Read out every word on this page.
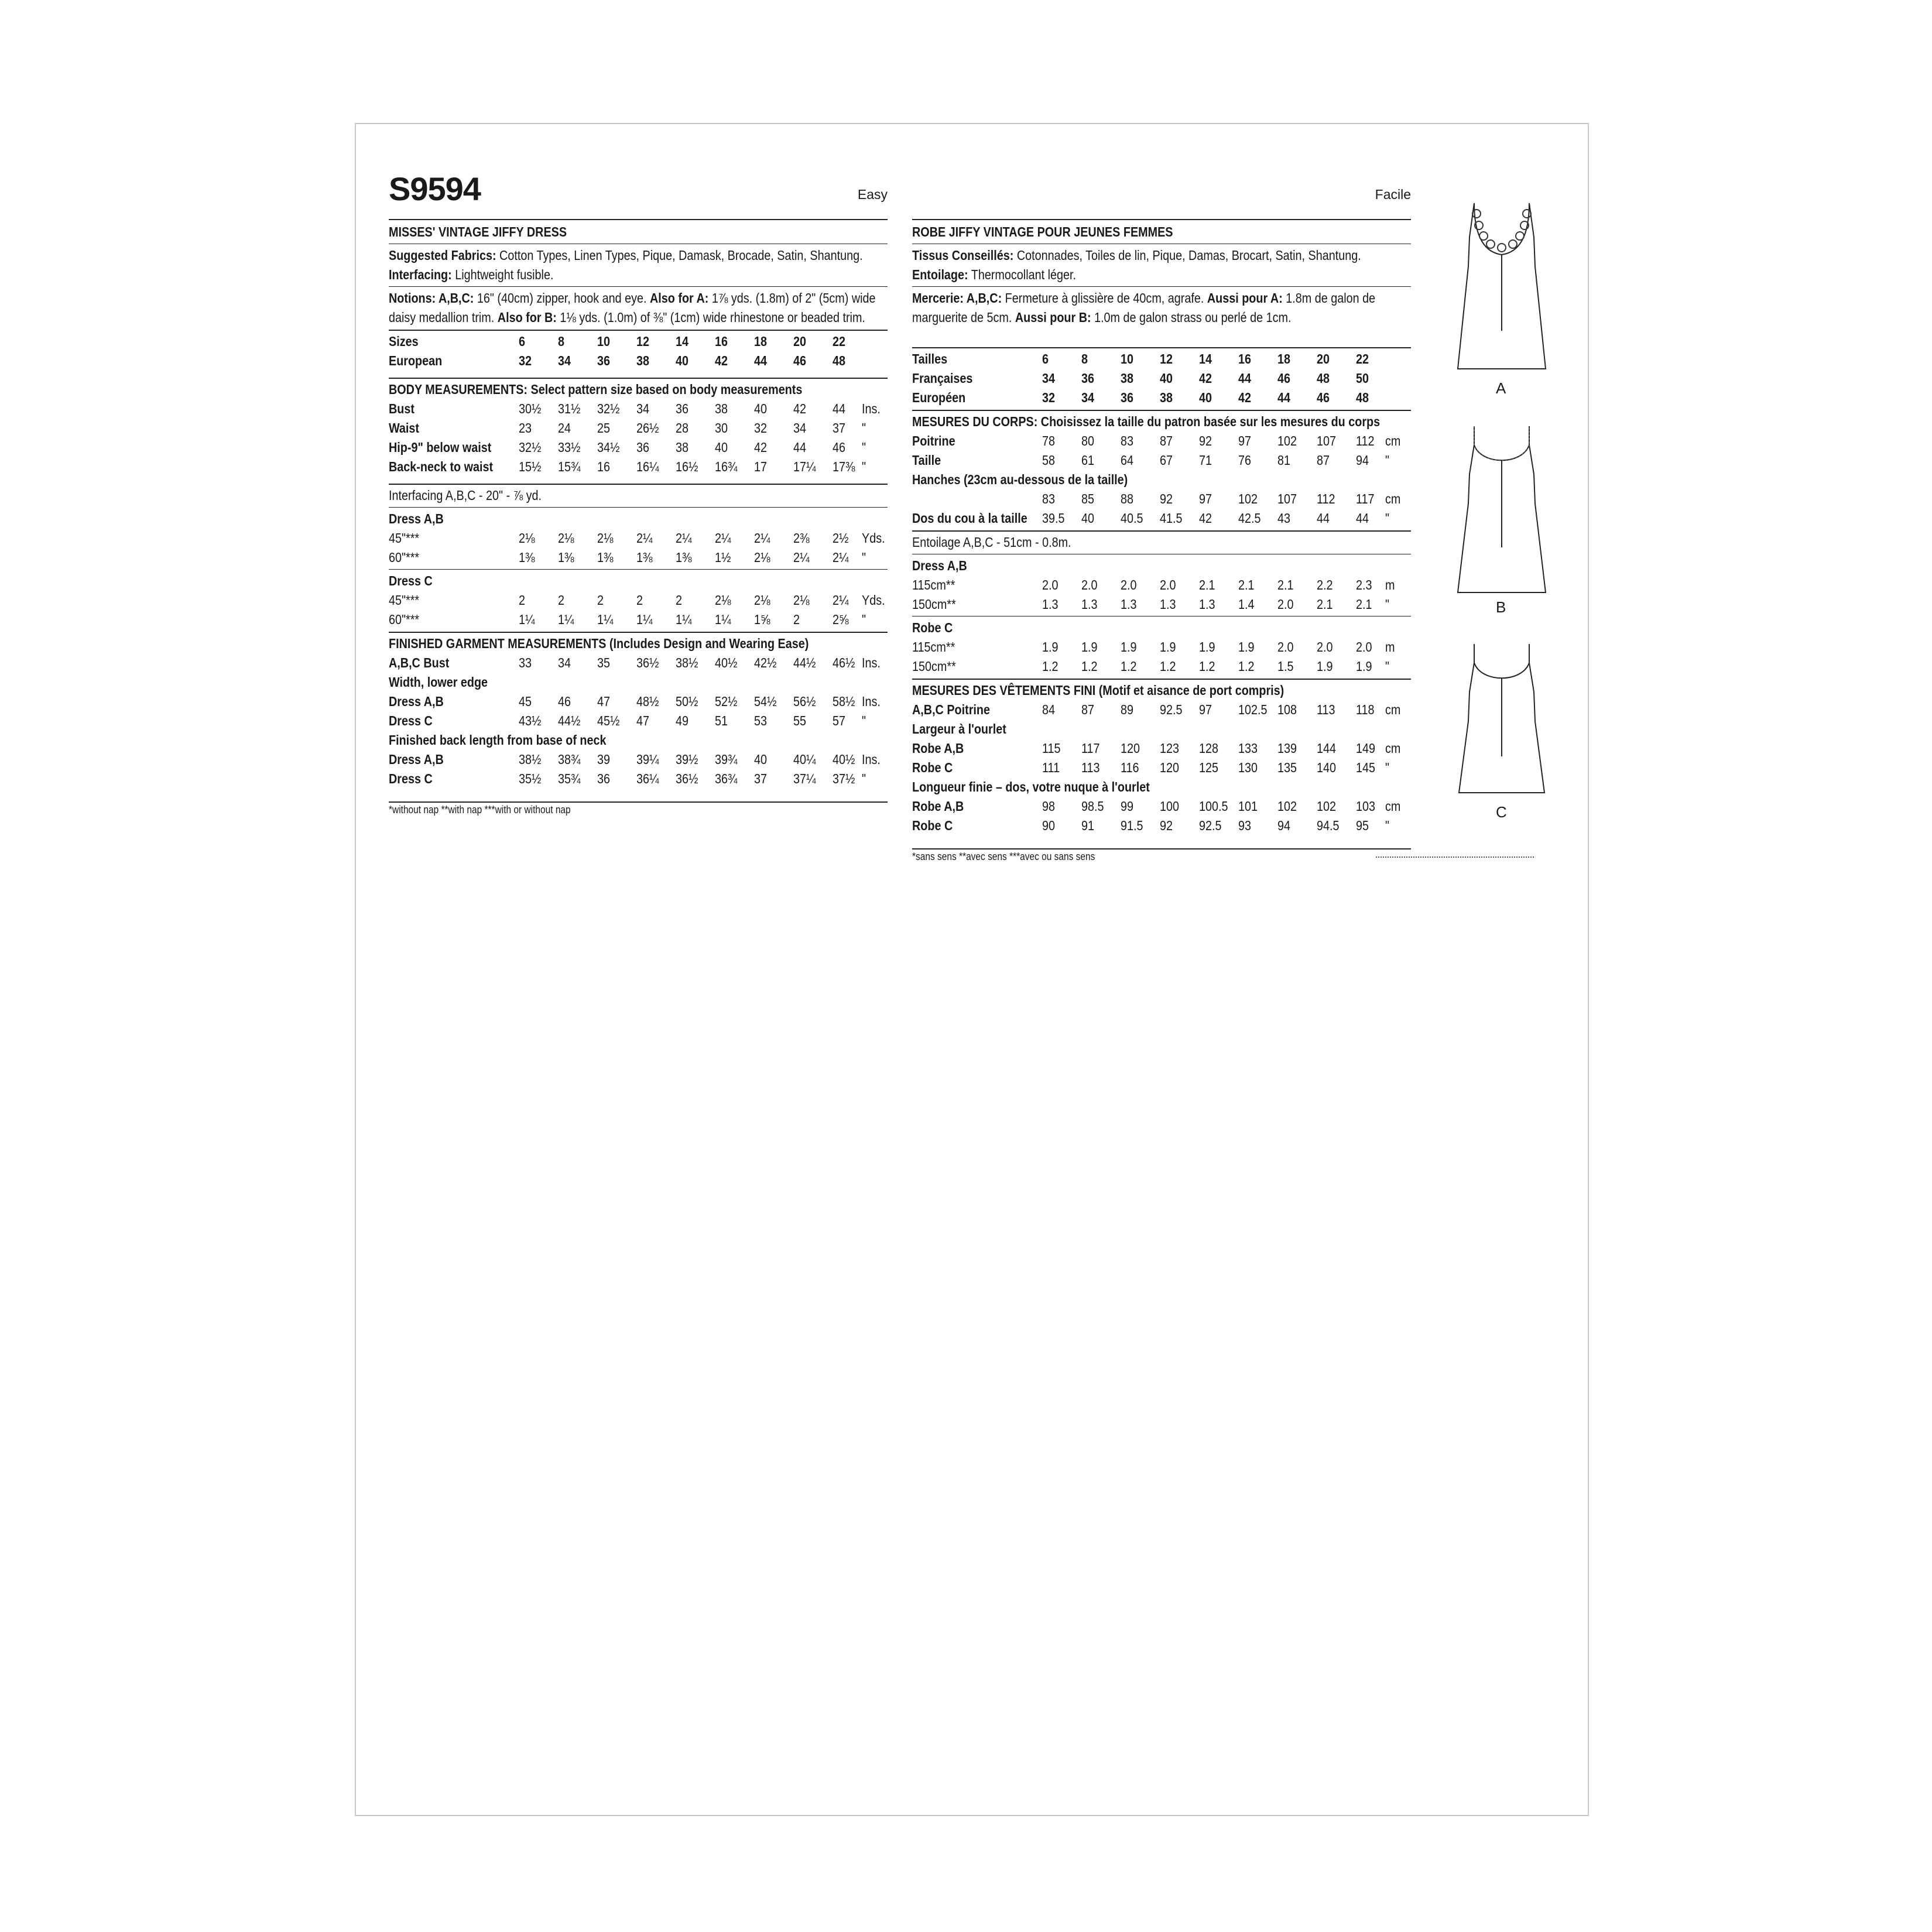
S9594	Easy
MISSES' VINTAGE JIFFY DRESS
Suggested Fabrics: Cotton Types, Linen Types, Pique, Damask, Brocade, Satin, Shantung. Interfacing: Lightweight fusible.
Notions: A,B,C: 16" (40cm) zipper, hook and eye. Also for A: 1⅞ yds. (1.8m) of 2" (5cm) wide daisy medallion trim. Also for B: 1⅛ yds. (1.0m) of ⅜" (1cm) wide rhinestone or beaded trim.
Sizes	6 8 10 12 14 16 18 20 22
European	32 34 36 38 40 42 44 46 48
BODY MEASUREMENTS: Select pattern size based on body measurements
Bust	30½ 31½ 32½ 34 36 38 40 42 44 Ins.
Waist	23 24 25 26½ 28 30 32 34 37 "
Hip-9" below waist 32½ 33½ 34½ 36 38 40 42 44 46 "
Back-neck to waist 15½ 15¾ 16 16¼ 16½ 16¾ 17 17¼ 17⅜ "
Interfacing A,B,C - 20" - ⅞ yd.
Dress A,B
45"***	2⅛ 2⅛ 2⅛ 2¼ 2¼ 2¼ 2¼ 2⅜ 2½ Yds.
60"***	1⅜ 1⅜ 1⅜ 1⅜ 1⅜ 1½ 2⅛ 2¼ 2¼ "
Dress C
45"***	2 2 2 2 2 2⅛ 2⅛ 2⅛ 2¼ Yds.
60"***	1¼ 1¼ 1¼ 1¼ 1¼ 1¼ 1⅝ 2 2⅝ "
FINISHED GARMENT MEASUREMENTS (Includes Design and Wearing Ease)
A,B,C Bust	33 34 35 36½ 38½ 40½ 42½ 44½ 46½ Ins.
Width, lower edge
Dress A,B	45 46 47 48½ 50½ 52½ 54½ 56½ 58½ Ins.
Dress C	43½ 44½ 45½ 47 49 51 53 55 57 "
Finished back length from base of neck
Dress A,B	38½ 38¾ 39 39¼ 39½ 39¾ 40 40¼ 40½ Ins.
Dress C	35½ 35¾ 36 36¼ 36½ 36¾ 37 37¼ 37½ "
*without nap **with nap ***with or without nap
Facile
ROBE JIFFY VINTAGE POUR JEUNES FEMMES
Tissus Conseillés: Cotonnades, Toiles de lin, Pique, Damas, Brocart, Satin, Shantung. Entoilage: Thermocollant léger.
Mercerie: A,B,C: Fermeture à glissière de 40cm, agrafe. Aussi pour A: 1.8m de galon de marguerite de 5cm. Aussi pour B: 1.0m de galon strass ou perlé de 1cm.
Tailles	6 8 10 12 14 16 18 20 22
Françaises	34 36 38 40 42 44 46 48 50
Européen	32 34 36 38 40 42 44 46 48
MESURES DU CORPS: Choisissez la taille du patron basée sur les mesures du corps
Poitrine	78 80 83 87 92 97 102 107 112 cm
Taille	58 61 64 67 71 76 81 87 94 "
Hanches (23cm au-dessous de la taille)
83 85 88 92 97 102 107 112 117 cm
Dos du cou à la taille 39.5 40 40.5 41.5 42 42.5 43 44 44 "
Entoilage A,B,C - 51cm - 0.8m.
Dress A,B
115cm**	2.0 2.0 2.0 2.0 2.1 2.1 2.1 2.2 2.3 m
150cm**	1.3 1.3 1.3 1.3 1.3 1.4 2.0 2.1 2.1 "
Robe C
115cm**	1.9 1.9 1.9 1.9 1.9 1.9 2.0 2.0 2.0 m
150cm**	1.2 1.2 1.2 1.2 1.2 1.2 1.5 1.9 1.9 "
MESURES DES VÊTEMENTS FINI (Motif et aisance de port compris)
A,B,C Poitrine	84 87 89 92.5 97 102.5 108 113 118 cm
Largeur à l'ourlet
Robe A,B	115 117 120 123 128 133 139 144 149 cm
Robe C	111 113 116 120 125 130 135 140 145 "
Longueur finie – dos, votre nuque à l'ourlet
Robe A,B	98 98.5 99 100 100.5 101 102 102 103 cm
Robe C	90 91 91.5 92 92.5 93 94 94.5 95 "
*sans sens **avec sens ***avec ou sans sens
A
B
C
